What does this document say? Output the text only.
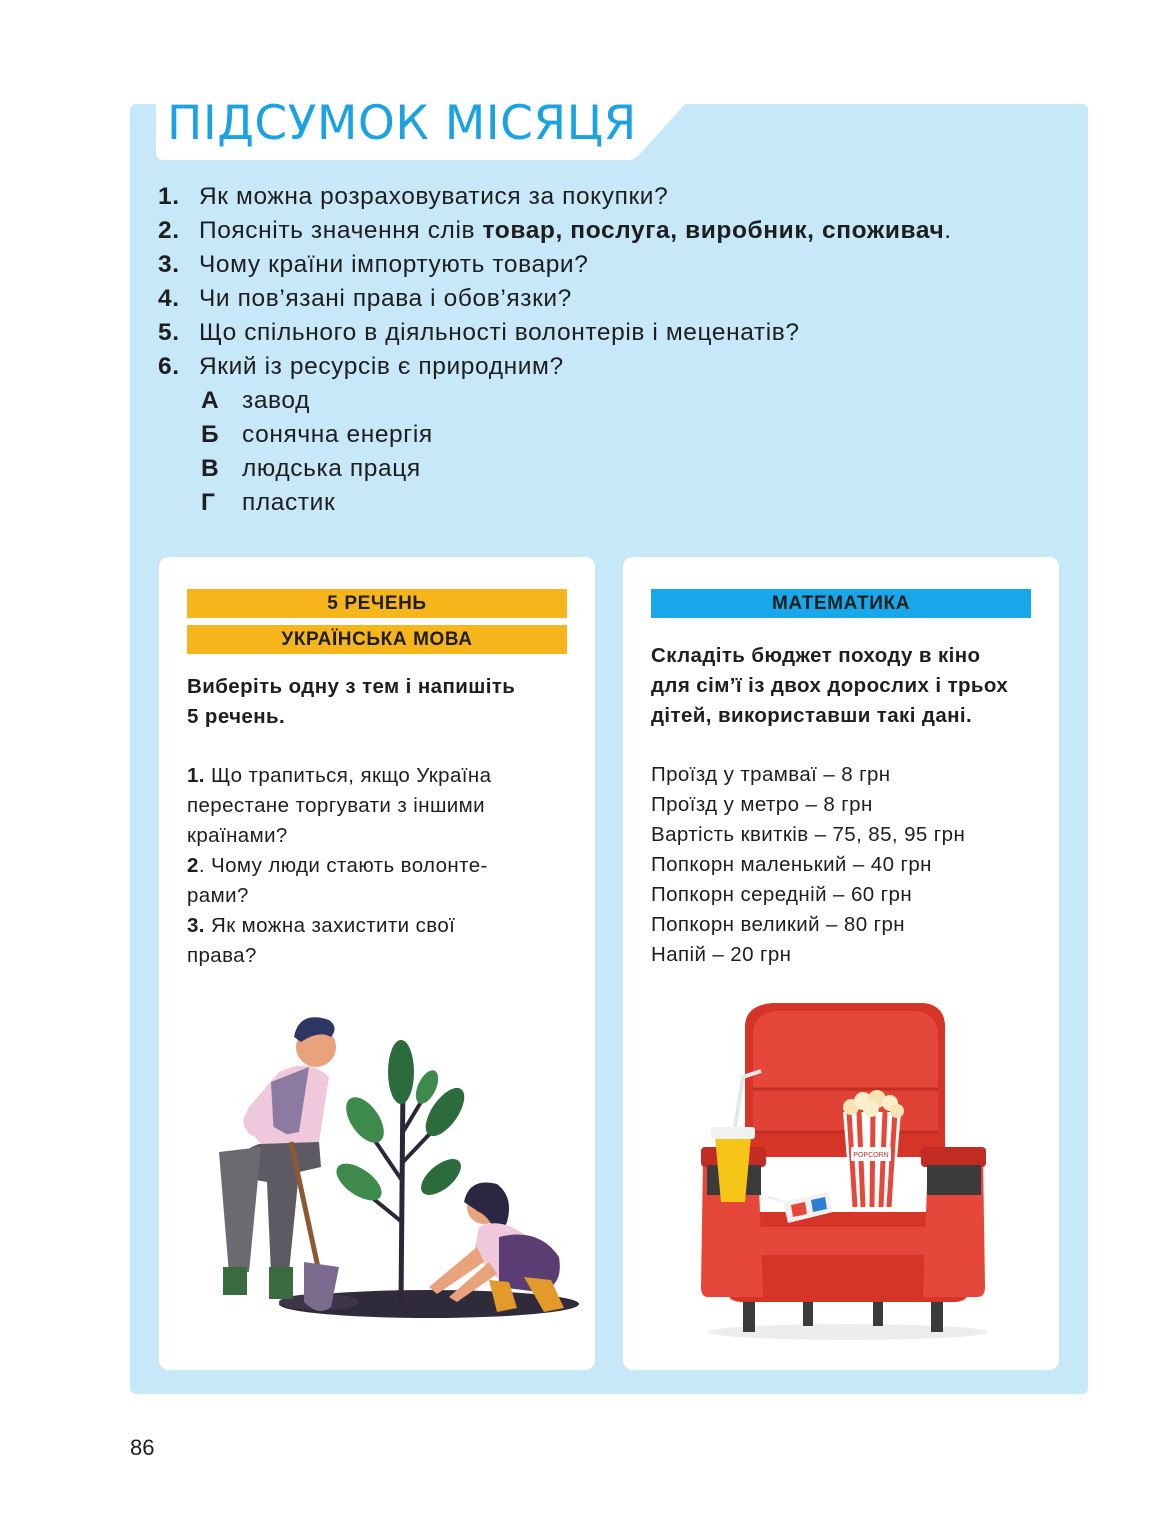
ПІДСУМОК МІСЯЦЯ
1. Як можна розраховуватися за покупки?
2. Поясніть значення слів товар, послуга, виробник, споживач.
3. Чому країни імпортують товари?
4. Чи пов’язані права і обов’язки?
5. Що спільного в діяльності волонтерів і меценатів?
6. Який із ресурсів є природним?
А завод
Б сонячна енергія
В людська праця
Г	пластик
5 РЕЧЕНЬ
УКРАЇНСЬКА МОВА
Виберіть одну з тем і напишіть
5 речень.
1. Що трапиться, якщо Україна
перестане торгувати з іншими
країнами?
2. Чому люди стають волонте-
рами?
3. Як можна захистити свої
права?
МАТЕМАТИКА
Складіть бюджет походу в кіно
для сім’ї із двох дорослих і трьох
дітей, використавши такі дані.
Проїзд у трамваї – 8 грн
Проїзд у метро – 8 грн
Вартість квитків – 75, 85, 95 грн
Попкорн маленький – 40 грн
Попкорн середній – 60 грн
Попкорн великий – 80 грн
Напій – 20 грн
POPCORN
86
